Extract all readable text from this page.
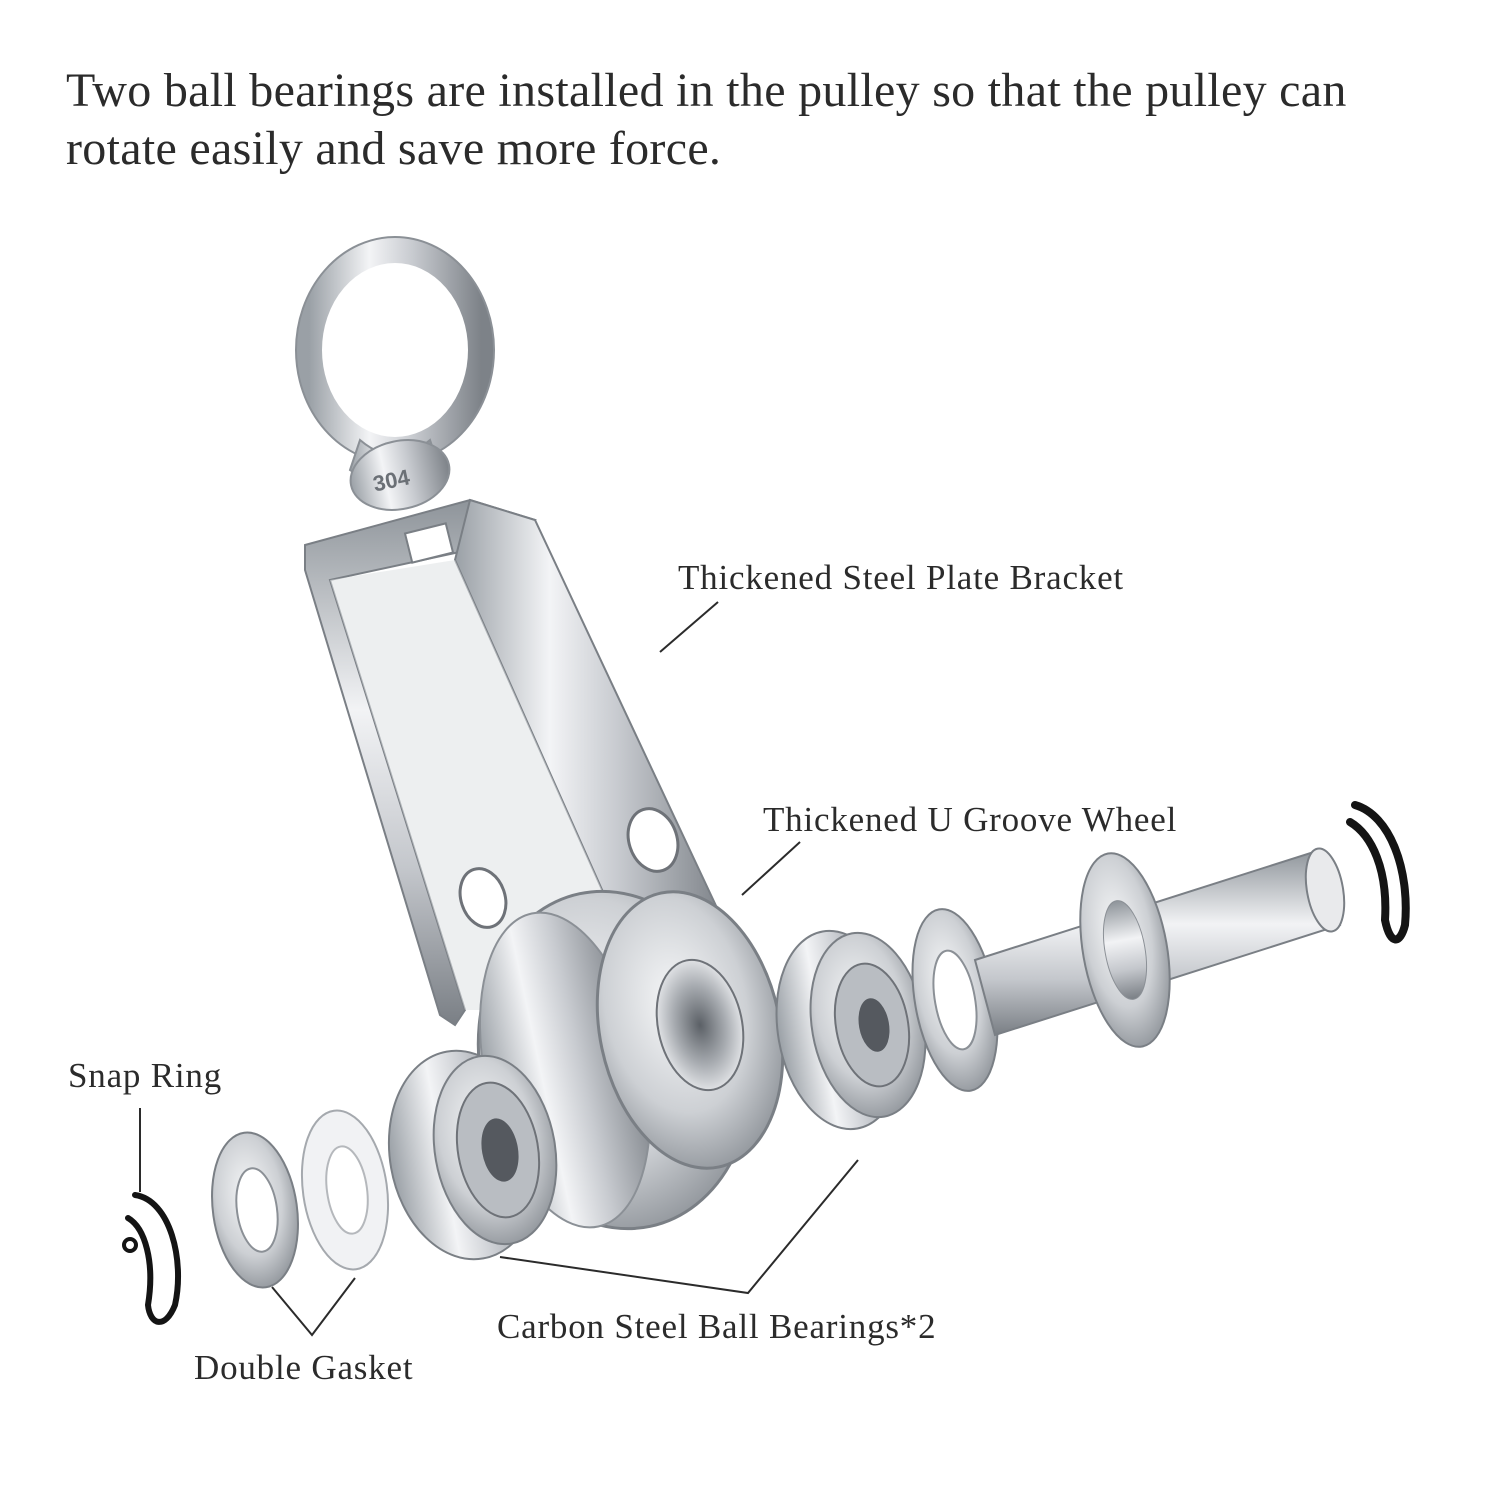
Two ball bearings are installed in the pulley so that the pulley can rotate easily and save more force.

304

Thickened Steel Plate Bracket

Thickened U Groove Wheel

Snap Ring

Double Gasket

Carbon Steel Ball Bearings*2
